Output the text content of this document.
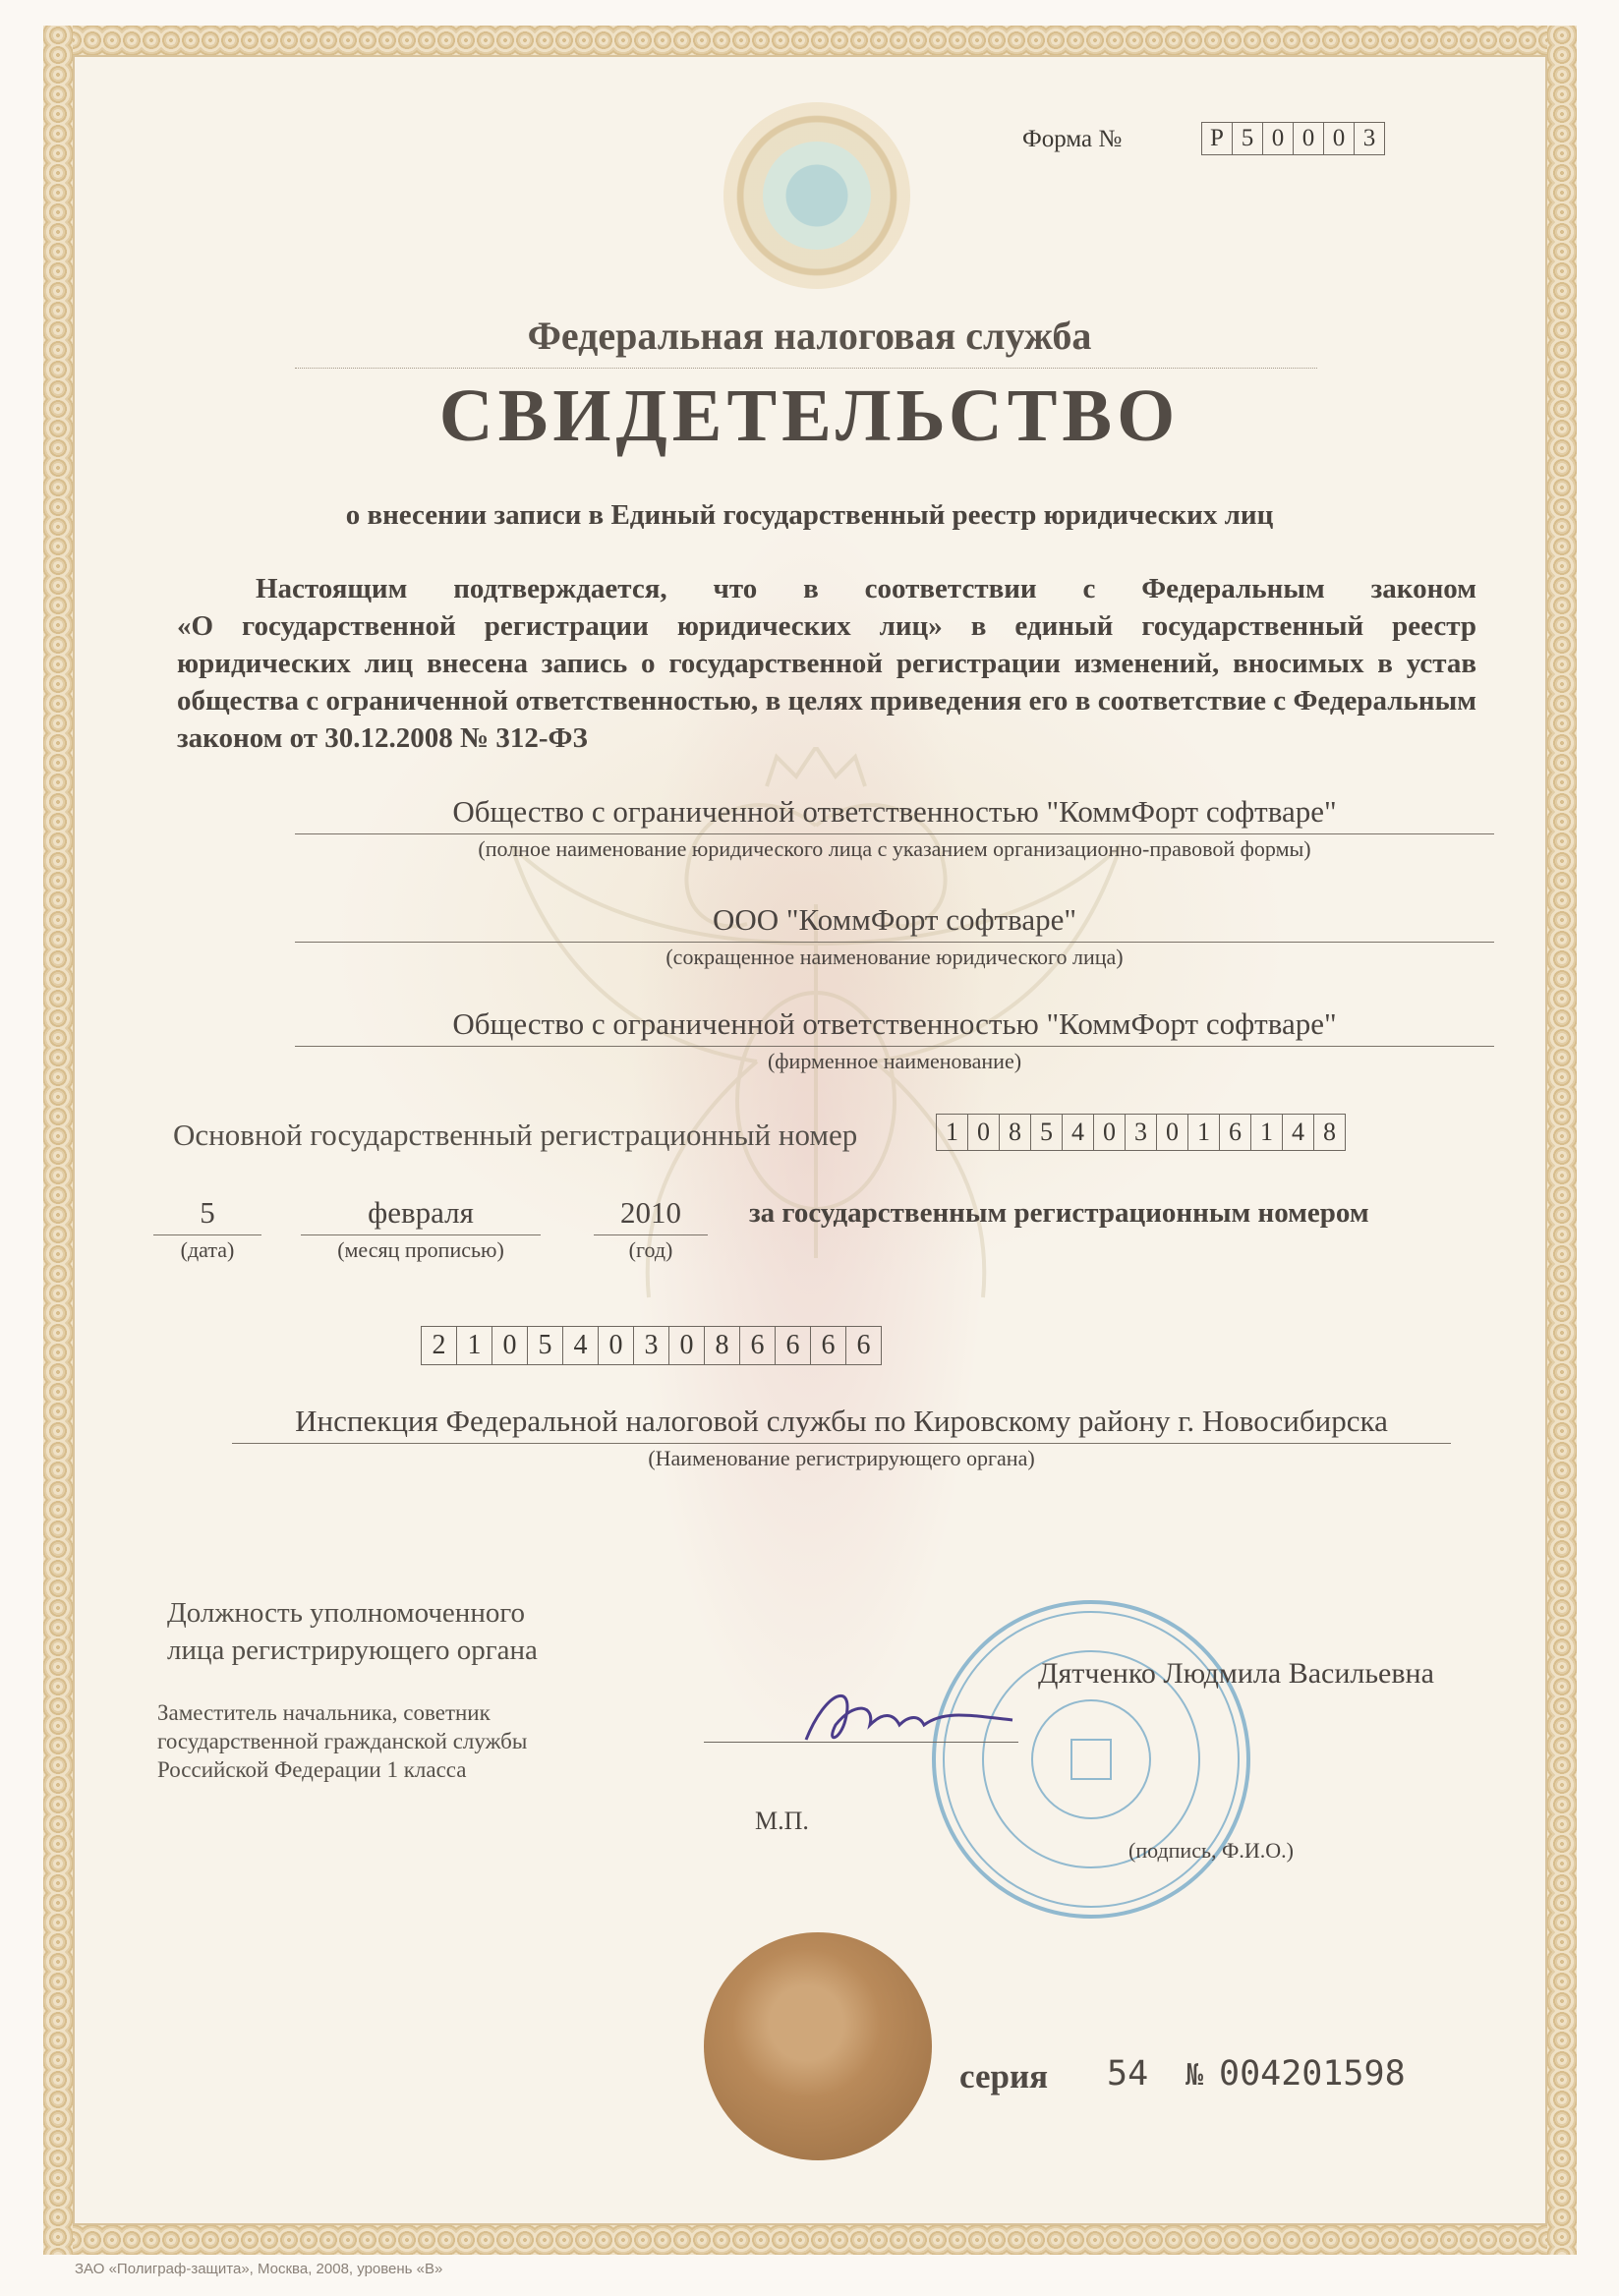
Форма №	Р 5 0 0 0 3
Федеральная налоговая служба
СВИДЕТЕЛЬСТВО
о внесении записи в Единый государственный реестр юридических лиц
Настоящим подтверждается, что в соответствии с Федеральным законом
«О государственной регистрации юридических лиц» в единый государственный реестр юридических лиц внесена запись о государственной регистрации изменений, вносимых в устав общества с ограниченной ответственностью, в целях приведения его в соответствие с Федеральным законом от 30.12.2008 № 312-ФЗ
Общество с ограниченной ответственностью "КоммФорт софтваре"
(полное наименование юридического лица с указанием организационно-правовой формы)
ООО "КоммФорт софтваре"
(сокращенное наименование юридического лица)
Общество с ограниченной ответственностью "КоммФорт софтваре"
(фирменное наименование)
Основной государственный регистрационный номер	1 0 8 5 4 0 3 0 1 6 1 4 8
5
(дата)
февраля
(месяц прописью)
2010
(год)
за государственным регистрационным номером
2 1 0 5 4 0 3 0 8 6 6 6 6
Инспекция Федеральной налоговой службы по Кировскому району г. Новосибирска
(Наименование регистрирующего органа)
Должность уполномоченного
лица регистрирующего органа
Заместитель начальника, советник
государственной гражданской службы
Российской Федерации 1 класса
Дятченко Людмила Васильевна
М.П.
(подпись, Ф.И.О.)
серия 54 № 004201598
ЗАО «Полиграф-защита», Москва, 2008, уровень «В»
